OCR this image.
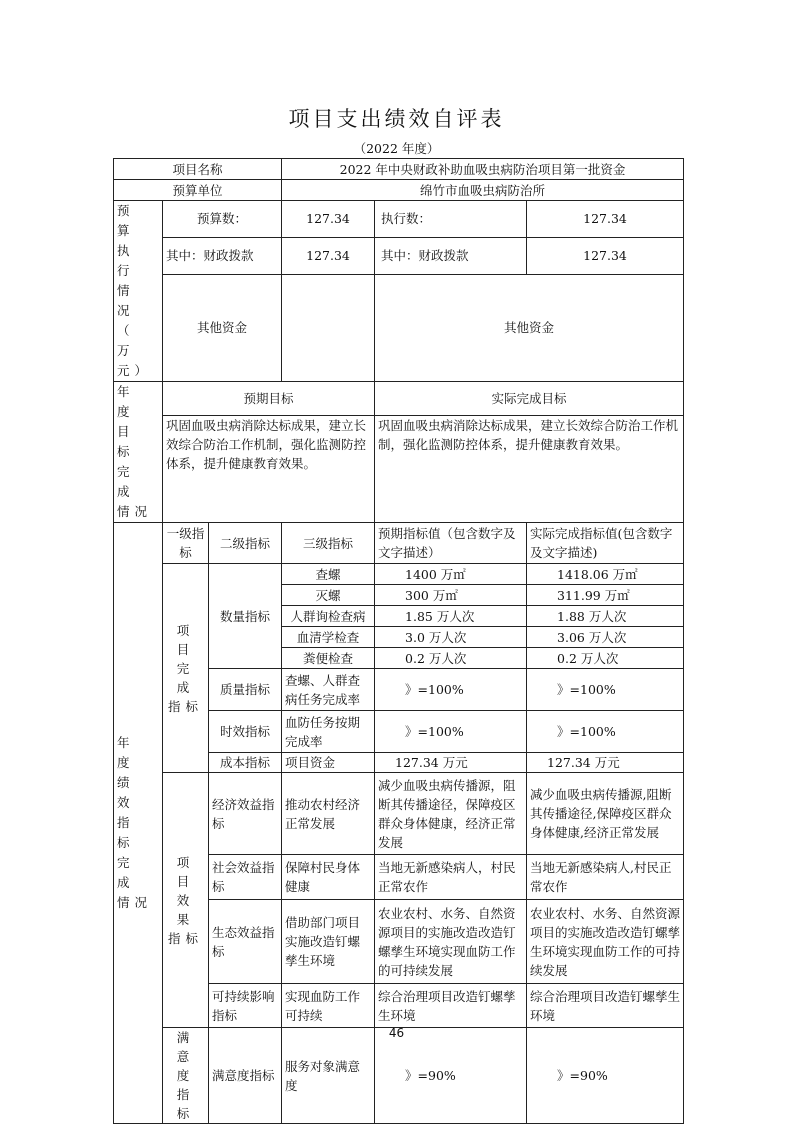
项目支出绩效自评表
（2022 年度）
项目名称			2022 年中央财政补助血吸虫病防治项目第一批资金		
预算单位			绵竹市血吸虫病防治所		
预 算 执 行 情 况 （ 万 元）	预算数：		127.34	执行数：	127.34
	其中：财政拨款		127.34	其中：财政拨款	127.34
	其他资金			其他资金
年 度 目 标 完 成 情况	预期目标			实际完成目标	
	巩固血吸虫病消除达标成果，建立长效综合防治工作机制，强化监测防控体系，提升健康教育效果。			巩固血吸虫病消除达标成果，建立长效综合防治工作机制，强化监测防控体系，提升健康教育效果。	
年 度 绩 效 指 标 完 成 情况	一级指标	二级指标	三级指标	预期指标值（包含数字及文字描述）	实际完成指标值(包含数字及文字描述)
	项 目 完 成 指标	数量指标	查螺	1400 万㎡	1418.06 万㎡
			灭螺	300 万㎡	311.99 万㎡
			人群询检查病	1.85 万人次	1.88 万人次
			血清学检查	3.0 万人次	3.06 万人次
			粪便检查	0.2 万人次	0.2 万人次
		质量指标	查螺、人群查病任务完成率	》=100%	》=100%
		时效指标	血防任务按期完成率	》=100%	》=100%
		成本指标	项目资金	127.34 万元	127.34 万元
	项 目 效 果 指标	经济效益指标	推动农村经济正常发展	减少血吸虫病传播源，阻断其传播途径，保障疫区群众身体健康，经济正常发展	减少血吸虫病传播源,阻断其传播途径,保障疫区群众身体健康,经济正常发展
		社会效益指标	保障村民身体健康	当地无新感染病人，村民正常农作	当地无新感染病人,村民正常农作
		生态效益指标	借助部门项目实施改造钉螺孳生环境	农业农村、水务、自然资源项目的实施改造改造钉螺孳生环境实现血防工作的可持续发展	农业农村、水务、自然资源项目的实施改造改造钉螺孳生环境实现血防工作的可持续发展
		可持续影响指标	实现血防工作可持续	综合治理项目改造钉螺孳生环境	综合治理项目改造钉螺孳生环境
	满 意 度 指 标	满意度指标	服务对象满意度	》=90%	》=90%
46
